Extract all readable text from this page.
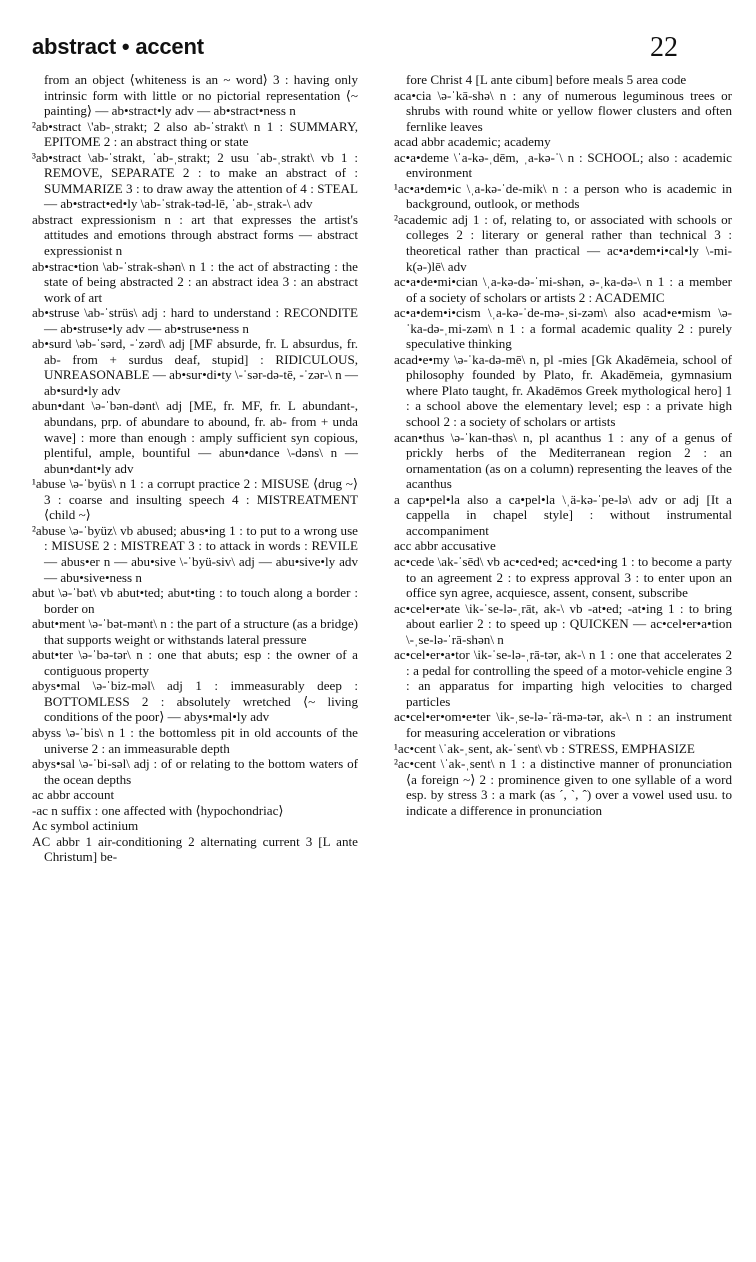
abstract • accent	22

from an object ⟨whiteness is an ~ word⟩ 3 : having only intrinsic form with little or no pictorial representation ⟨~ painting⟩ — ab•stract•ly adv — ab•stract•ness n

²ab•stract \'ab-ˌstrakt; 2 also ab-ˈstrakt\ n 1 : SUMMARY, EPITOME 2 : an abstract thing or state

³ab•stract \ab-ˈstrakt, ˈab-ˌstrakt; 2 usu ˈab-ˌstrakt\ vb 1 : REMOVE, SEPARATE 2 : to make an abstract of : SUMMARIZE 3 : to draw away the attention of 4 : STEAL — ab•stract•ed•ly \ab-ˈstrak-təd-lē, ˈab-ˌstrak-\ adv

abstract expressionism n : art that expresses the artist's attitudes and emotions through abstract forms — abstract expressionist n

ab•strac•tion \ab-ˈstrak-shən\ n 1 : the act of abstracting : the state of being abstracted 2 : an abstract idea 3 : an abstract work of art

ab•struse \ab-ˈstrüs\ adj : hard to understand : RECONDITE — ab•struse•ly adv — ab•struse•ness n

ab•surd \əb-ˈsərd, -ˈzərd\ adj [MF absurde, fr. L absurdus, fr. ab- from + surdus deaf, stupid] : RIDICULOUS, UNREASONABLE — ab•sur•di•ty \-ˈsər-də-tē, -ˈzər-\ n — ab•surd•ly adv

abun•dant \ə-ˈbən-dənt\ adj [ME, fr. MF, fr. L abundant-, abundans, prp. of abundare to abound, fr. ab- from + unda wave] : more than enough : amply sufficient syn copious, plentiful, ample, bountiful — abun•dance \-dəns\ n — abun•dant•ly adv

¹abuse \ə-ˈbyüs\ n 1 : a corrupt practice 2 : MISUSE ⟨drug ~⟩ 3 : coarse and insulting speech 4 : MISTREATMENT ⟨child ~⟩

²abuse \ə-ˈbyüz\ vb abused; abus•ing 1 : to put to a wrong use : MISUSE 2 : MISTREAT 3 : to attack in words : REVILE — abus•er n — abu•sive \-ˈbyü-siv\ adj — abu•sive•ly adv — abu•sive•ness n

abut \ə-ˈbət\ vb abut•ted; abut•ting : to touch along a border : border on

abut•ment \ə-ˈbət-mənt\ n : the part of a structure (as a bridge) that supports weight or withstands lateral pressure

abut•ter \ə-ˈbə-tər\ n : one that abuts; esp : the owner of a contiguous property

abys•mal \ə-ˈbiz-məl\ adj 1 : immeasurably deep : BOTTOMLESS 2 : absolutely wretched ⟨~ living conditions of the poor⟩ — abys•mal•ly adv

abyss \ə-ˈbis\ n 1 : the bottomless pit in old accounts of the universe 2 : an immeasurable depth

abys•sal \ə-ˈbi-səl\ adj : of or relating to the bottom waters of the ocean depths

ac abbr account

-ac n suffix : one affected with ⟨hypochondriac⟩

Ac symbol actinium

AC abbr 1 air-conditioning 2 alternating current 3 [L ante Christum] be-

fore Christ 4 [L ante cibum] before meals 5 area code

aca•cia \ə-ˈkā-shə\ n : any of numerous leguminous trees or shrubs with round white or yellow flower clusters and often fernlike leaves

acad abbr academic; academy

ac•a•deme \ˈa-kə-ˌdēm, ˌa-kə-ˈ\ n : SCHOOL; also : academic environment

¹ac•a•dem•ic \ˌa-kə-ˈde-mik\ n : a person who is academic in background, outlook, or methods

²academic adj 1 : of, relating to, or associated with schools or colleges 2 : literary or general rather than technical 3 : theoretical rather than practical — ac•a•dem•i•cal•ly \-mi-k(ə-)lē\ adv

ac•a•de•mi•cian \ˌa-kə-də-ˈmi-shən, ə-ˌka-də-\ n 1 : a member of a society of scholars or artists 2 : ACADEMIC

ac•a•dem•i•cism \ˌa-kə-ˈde-mə-ˌsi-zəm\ also acad•e•mism \ə-ˈka-də-ˌmi-zəm\ n 1 : a formal academic quality 2 : purely speculative thinking

acad•e•my \ə-ˈka-də-mē\ n, pl -mies [Gk Akadēmeia, school of philosophy founded by Plato, fr. Akadēmeia, gymnasium where Plato taught, fr. Akadēmos Greek mythological hero] 1 : a school above the elementary level; esp : a private high school 2 : a society of scholars or artists

acan•thus \ə-ˈkan-thəs\ n, pl acanthus 1 : any of a genus of prickly herbs of the Mediterranean region 2 : an ornamentation (as on a column) representing the leaves of the acanthus

a cap•pel•la also a ca•pel•la \ˌä-kə-ˈpe-lə\ adv or adj [It a cappella in chapel style] : without instrumental accompaniment

acc abbr accusative

ac•cede \ak-ˈsēd\ vb ac•ced•ed; ac•ced•ing 1 : to become a party to an agreement 2 : to express approval 3 : to enter upon an office syn agree, acquiesce, assent, consent, subscribe

ac•cel•er•ate \ik-ˈse-lə-ˌrāt, ak-\ vb -at•ed; -at•ing 1 : to bring about earlier 2 : to speed up : QUICKEN — ac•cel•er•a•tion \-ˌse-lə-ˈrā-shən\ n

ac•cel•er•a•tor \ik-ˈse-lə-ˌrā-tər, ak-\ n 1 : one that accelerates 2 : a pedal for controlling the speed of a motor-vehicle engine 3 : an apparatus for imparting high velocities to charged particles

ac•cel•er•om•e•ter \ik-ˌse-lə-ˈrä-mə-tər, ak-\ n : an instrument for measuring acceleration or vibrations

¹ac•cent \ˈak-ˌsent, ak-ˈsent\ vb : STRESS, EMPHASIZE

²ac•cent \ˈak-ˌsent\ n 1 : a distinctive manner of pronunciation ⟨a foreign ~⟩ 2 : prominence given to one syllable of a word esp. by stress 3 : a mark (as ´, `, ˆ) over a vowel used usu. to indicate a difference in pronunciation
